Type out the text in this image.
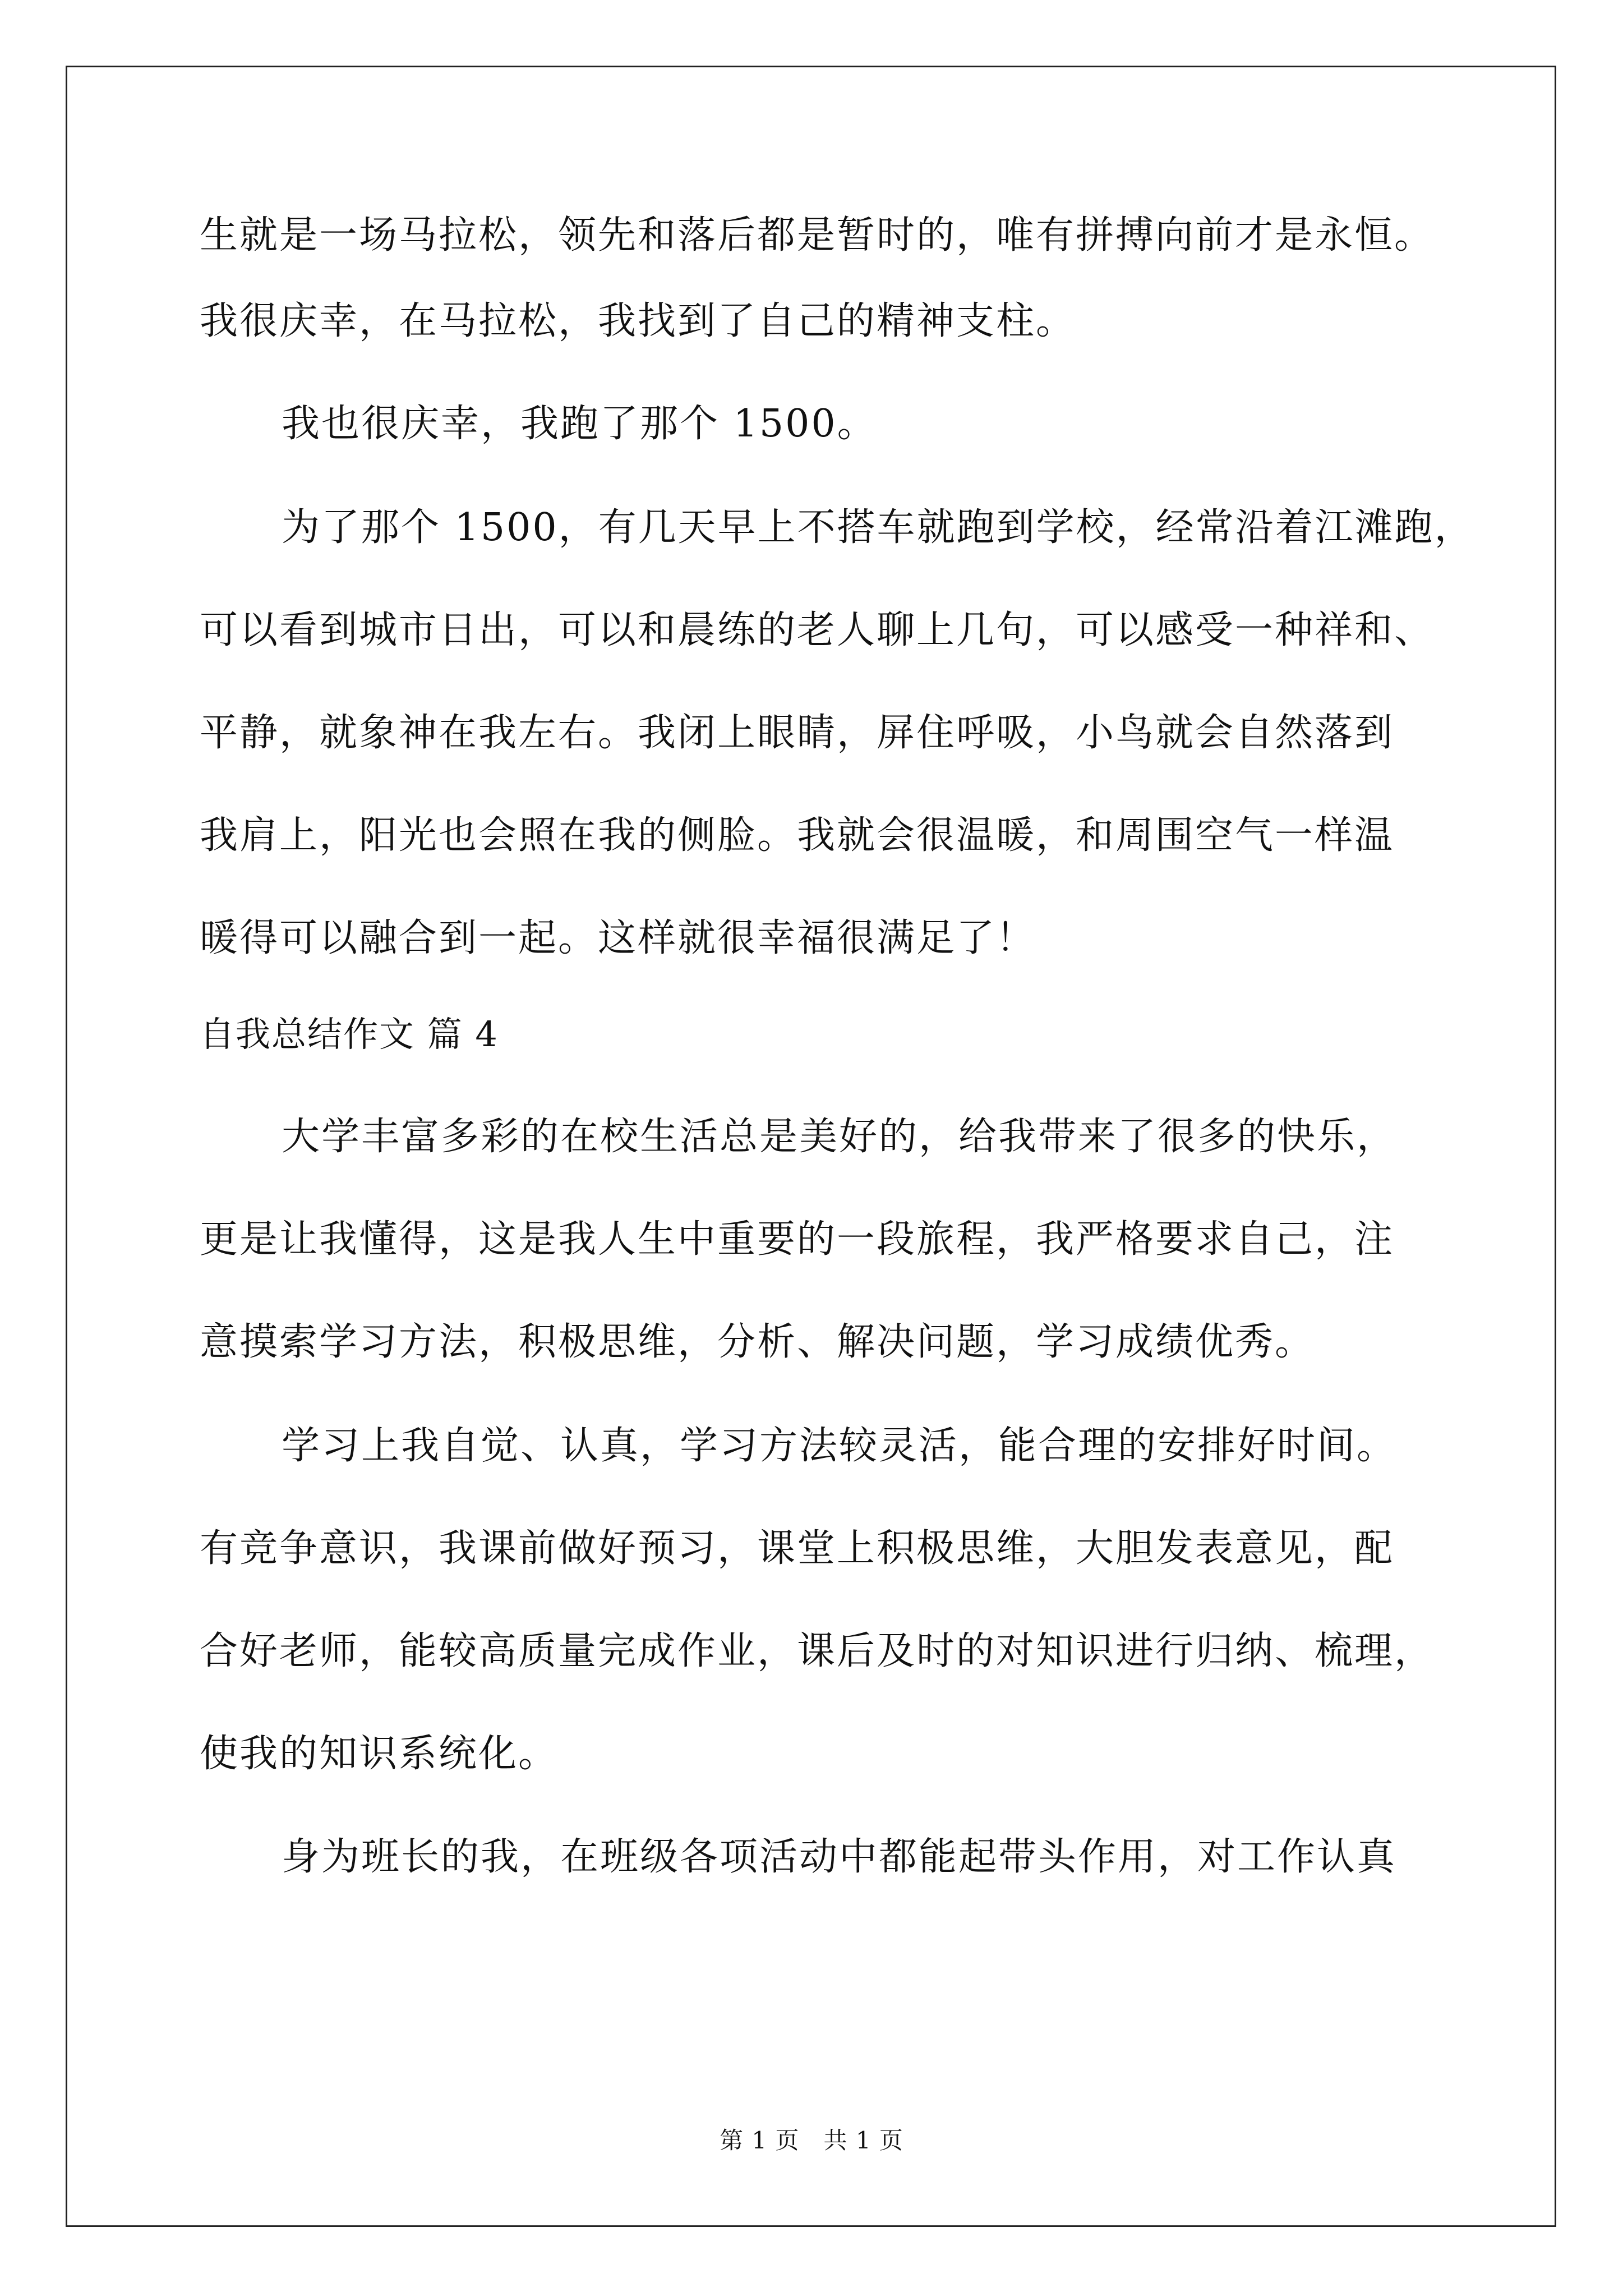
生就是一场马拉松，领先和落后都是暂时的，唯有拼搏向前才是永恒。
我很庆幸，在马拉松，我找到了自己的精神支柱。
我也很庆幸，我跑了那个 1500。
为了那个 1500，有几天早上不搭车就跑到学校，经常沿着江滩跑，
可以看到城市日出，可以和晨练的老人聊上几句，可以感受一种祥和、
平静，就象神在我左右。我闭上眼睛，屏住呼吸，小鸟就会自然落到
我肩上，阳光也会照在我的侧脸。我就会很温暖，和周围空气一样温
暖得可以融合到一起。这样就很幸福很满足了！
自我总结作文 篇 4
大学丰富多彩的在校生活总是美好的，给我带来了很多的快乐，
更是让我懂得，这是我人生中重要的一段旅程，我严格要求自己，注
意摸索学习方法，积极思维，分析、解决问题，学习成绩优秀。
学习上我自觉、认真，学习方法较灵活，能合理的安排好时间。
有竞争意识，我课前做好预习，课堂上积极思维，大胆发表意见，配
合好老师，能较高质量完成作业，课后及时的对知识进行归纳、梳理，
使我的知识系统化。
身为班长的我，在班级各项活动中都能起带头作用，对工作认真
第 1 页　共 1 页
